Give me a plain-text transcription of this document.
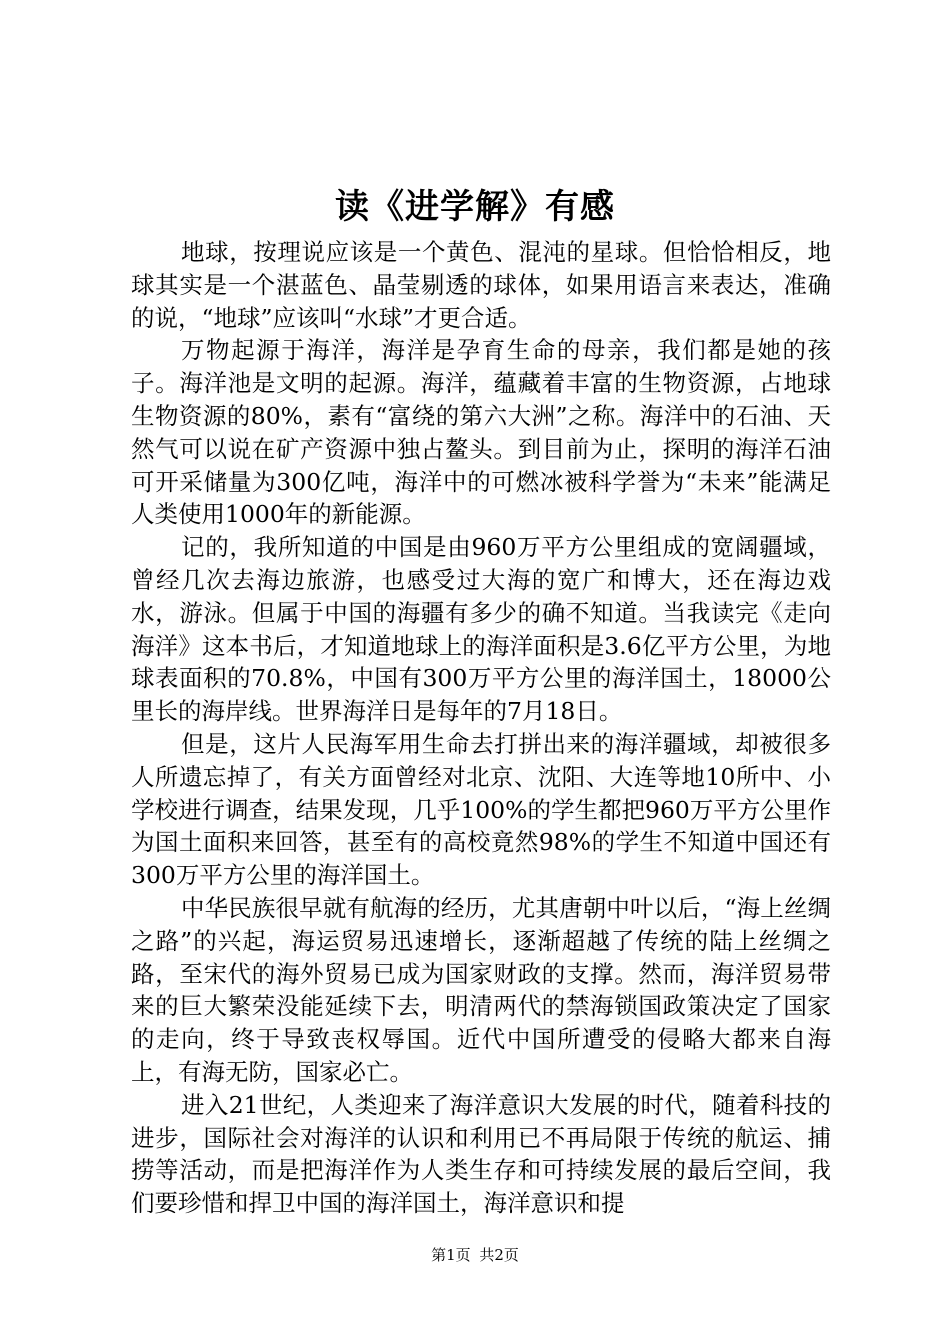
读《进学解》有感

地球，按理说应该是一个黄色、混沌的星球。但恰恰相反，地球其实是一个湛蓝色、晶莹剔透的球体，如果用语言来表达，准确的说，“地球”应该叫“水球”才更合适。

万物起源于海洋，海洋是孕育生命的母亲，我们都是她的孩子。海洋池是文明的起源。海洋，蕴藏着丰富的生物资源，占地球生物资源的80%，素有“富绕的第六大洲”之称。海洋中的石油、天然气可以说在矿产资源中独占鳌头。到目前为止，探明的海洋石油可开采储量为300亿吨，海洋中的可燃冰被科学誉为“未来”能满足人类使用1000年的新能源。

记的，我所知道的中国是由960万平方公里组成的宽阔疆域，曾经几次去海边旅游，也感受过大海的宽广和博大，还在海边戏水，游泳。但属于中国的海疆有多少的确不知道。当我读完《走向海洋》这本书后，才知道地球上的海洋面积是3.6亿平方公里，为地球表面积的70.8%，中国有300万平方公里的海洋国土，18000公里长的海岸线。世界海洋日是每年的7月18日。

但是，这片人民海军用生命去打拼出来的海洋疆域，却被很多人所遗忘掉了，有关方面曾经对北京、沈阳、大连等地10所中、小学校进行调查，结果发现，几乎100%的学生都把960万平方公里作为国土面积来回答，甚至有的高校竟然98%的学生不知道中国还有300万平方公里的海洋国土。

中华民族很早就有航海的经历，尤其唐朝中叶以后，“海上丝绸之路”的兴起，海运贸易迅速增长，逐渐超越了传统的陆上丝绸之路，至宋代的海外贸易已成为国家财政的支撑。然而，海洋贸易带来的巨大繁荣没能延续下去，明清两代的禁海锁国政策决定了国家的走向，终于导致丧权辱国。近代中国所遭受的侵略大都来自海上，有海无防，国家必亡。

进入21世纪，人类迎来了海洋意识大发展的时代，随着科技的进步，国际社会对海洋的认识和利用已不再局限于传统的航运、捕捞等活动，而是把海洋作为人类生存和可持续发展的最后空间，我们要珍惜和捍卫中国的海洋国土，海洋意识和提

第1页 共2页
